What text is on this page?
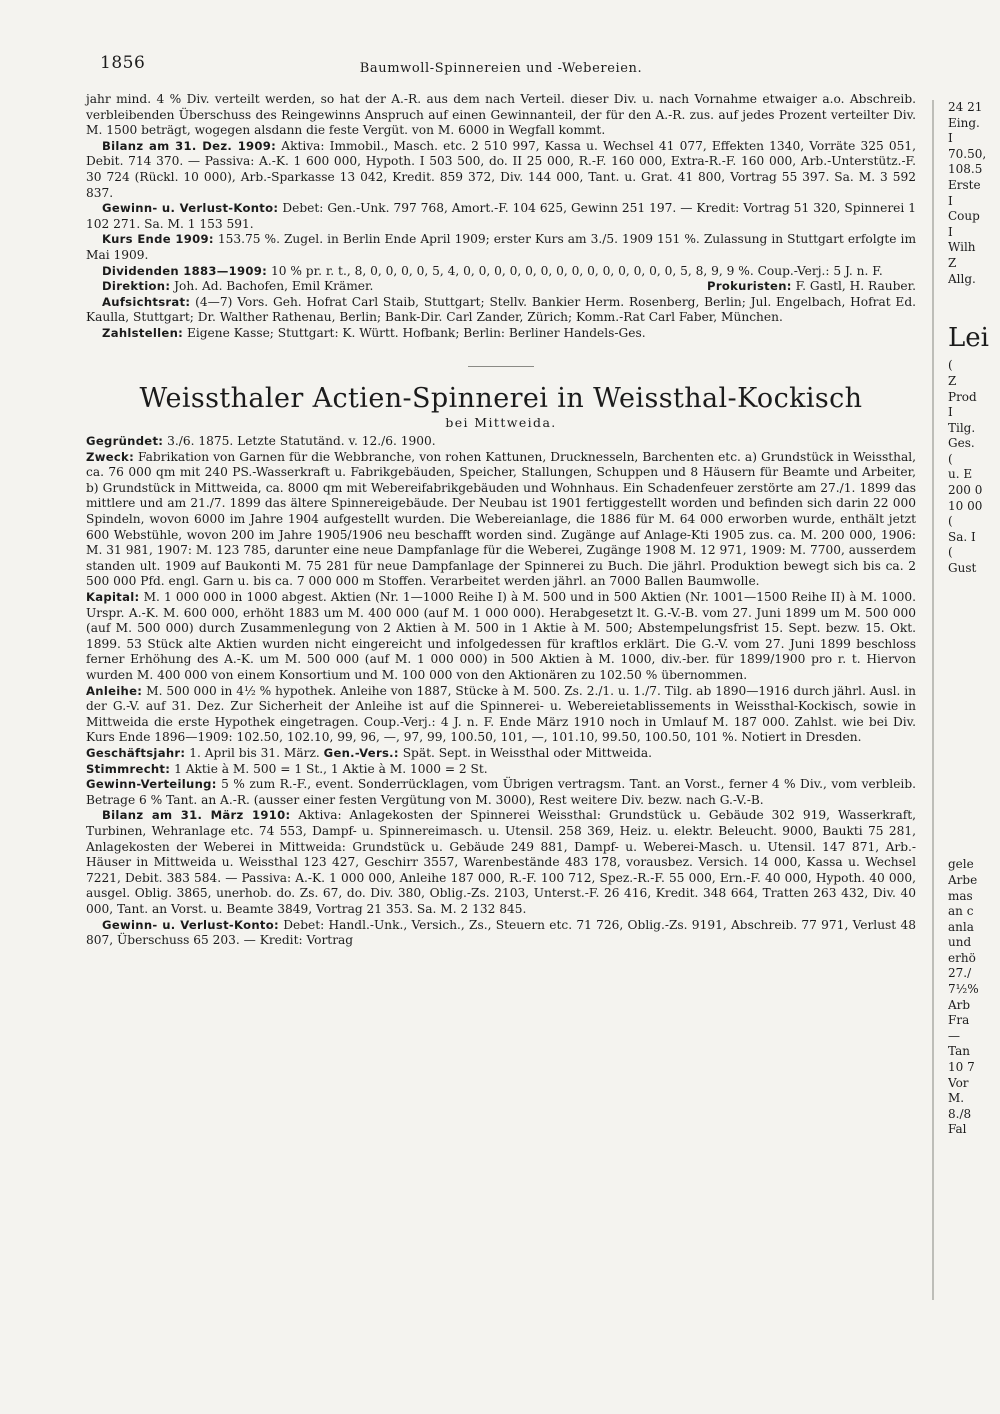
1856	Baumwoll-Spinnereien und -Webereien.

jahr mind. 4 % Div. verteilt werden, so hat der A.-R. aus dem nach Verteil. dieser Div. u. nach Vornahme etwaiger a.o. Abschreib. verbleibenden Überschuss des Reingewinns Anspruch auf einen Gewinnanteil, der für den A.-R. zus. auf jedes Prozent verteilter Div. M. 1500 beträgt, wogegen alsdann die feste Vergüt. von M. 6000 in Wegfall kommt.

Bilanz am 31. Dez. 1909: Aktiva: Immobil., Masch. etc. 2 510 997, Kassa u. Wechsel 41 077, Effekten 1340, Vorräte 325 051, Debit. 714 370. — Passiva: A.-K. 1 600 000, Hypoth. I 503 500, do. II 25 000, R.-F. 160 000, Extra-R.-F. 160 000, Arb.-Unterstütz.-F. 30 724 (Rückl. 10 000), Arb.-Sparkasse 13 042, Kredit. 859 372, Div. 144 000, Tant. u. Grat. 41 800, Vortrag 55 397. Sa. M. 3 592 837.

Gewinn- u. Verlust-Konto: Debet: Gen.-Unk. 797 768, Amort.-F. 104 625, Gewinn 251 197. — Kredit: Vortrag 51 320, Spinnerei 1 102 271. Sa. M. 1 153 591.

Kurs Ende 1909: 153.75 %. Zugel. in Berlin Ende April 1909; erster Kurs am 3./5. 1909 151 %. Zulassung in Stuttgart erfolgte im Mai 1909.

Dividenden 1883—1909: 10 % pr. r. t., 8, 0, 0, 0, 0, 5, 4, 0, 0, 0, 0, 0, 0, 0, 0, 0, 0, 0, 0, 0, 0, 5, 8, 9, 9 %. Coup.-Verj.: 5 J. n. F.

Direktion: Joh. Ad. Bachofen, Emil Krämer.	Prokuristen: F. Gastl, H. Rauber.

Aufsichtsrat: (4—7) Vors. Geh. Hofrat Carl Staib, Stuttgart; Stellv. Bankier Herm. Rosenberg, Berlin; Jul. Engelbach, Hofrat Ed. Kaulla, Stuttgart; Dr. Walther Rathenau, Berlin; Bank-Dir. Carl Zander, Zürich; Komm.-Rat Carl Faber, München.

Zahlstellen: Eigene Kasse; Stuttgart: K. Württ. Hofbank; Berlin: Berliner Handels-Ges.

Weissthaler Actien-Spinnerei in Weissthal-Kockisch
bei Mittweida.

Gegründet: 3./6. 1875. Letzte Statutänd. v. 12./6. 1900.

Zweck: Fabrikation von Garnen für die Webbranche, von rohen Kattunen, Drucknesseln, Barchenten etc. a) Grundstück in Weissthal, ca. 76 000 qm mit 240 PS.-Wasserkraft u. Fabrikgebäuden, Speicher, Stallungen, Schuppen und 8 Häusern für Beamte und Arbeiter, b) Grundstück in Mittweida, ca. 8000 qm mit Webereifabrikgebäuden und Wohnhaus. Ein Schadenfeuer zerstörte am 27./1. 1899 das mittlere und am 21./7. 1899 das ältere Spinnereigebäude. Der Neubau ist 1901 fertiggestellt worden und befinden sich darin 22 000 Spindeln, wovon 6000 im Jahre 1904 aufgestellt wurden. Die Webereianlage, die 1886 für M. 64 000 erworben wurde, enthält jetzt 600 Webstühle, wovon 200 im Jahre 1905/1906 neu beschafft worden sind. Zugänge auf Anlage-Kti 1905 zus. ca. M. 200 000, 1906: M. 31 981, 1907: M. 123 785, darunter eine neue Dampfanlage für die Weberei, Zugänge 1908 M. 12 971, 1909: M. 7700, ausserdem standen ult. 1909 auf Baukonti M. 75 281 für neue Dampfanlage der Spinnerei zu Buch. Die jährl. Produktion bewegt sich bis ca. 2 500 000 Pfd. engl. Garn u. bis ca. 7 000 000 m Stoffen. Verarbeitet werden jährl. an 7000 Ballen Baumwolle.

Kapital: M. 1 000 000 in 1000 abgest. Aktien (Nr. 1—1000 Reihe I) à M. 500 und in 500 Aktien (Nr. 1001—1500 Reihe II) à M. 1000. Urspr. A.-K. M. 600 000, erhöht 1883 um M. 400 000 (auf M. 1 000 000). Herabgesetzt lt. G.-V.-B. vom 27. Juni 1899 um M. 500 000 (auf M. 500 000) durch Zusammenlegung von 2 Aktien à M. 500 in 1 Aktie à M. 500; Abstempelungsfrist 15. Sept. bezw. 15. Okt. 1899. 53 Stück alte Aktien wurden nicht eingereicht und infolgedessen für kraftlos erklärt. Die G.-V. vom 27. Juni 1899 beschloss ferner Erhöhung des A.-K. um M. 500 000 (auf M. 1 000 000) in 500 Aktien à M. 1000, div.-ber. für 1899/1900 pro r. t. Hiervon wurden M. 400 000 von einem Konsortium und M. 100 000 von den Aktionären zu 102.50 % übernommen.

Anleihe: M. 500 000 in 4½ % hypothek. Anleihe von 1887, Stücke à M. 500. Zs. 2./1. u. 1./7. Tilg. ab 1890—1916 durch jährl. Ausl. in der G.-V. auf 31. Dez. Zur Sicherheit der Anleihe ist auf die Spinnerei- u. Webereietablissements in Weissthal-Kockisch, sowie in Mittweida die erste Hypothek eingetragen. Coup.-Verj.: 4 J. n. F. Ende März 1910 noch in Umlauf M. 187 000. Zahlst. wie bei Div. Kurs Ende 1896—1909: 102.50, 102.10, 99, 96, —, 97, 99, 100.50, 101, —, 101.10, 99.50, 100.50, 101 %. Notiert in Dresden.

Geschäftsjahr: 1. April bis 31. März. Gen.-Vers.: Spät. Sept. in Weissthal oder Mittweida.

Stimmrecht: 1 Aktie à M. 500 = 1 St., 1 Aktie à M. 1000 = 2 St.

Gewinn-Verteilung: 5 % zum R.-F., event. Sonderrücklagen, vom Übrigen vertragsm. Tant. an Vorst., ferner 4 % Div., vom verbleib. Betrage 6 % Tant. an A.-R. (ausser einer festen Vergütung von M. 3000), Rest weitere Div. bezw. nach G.-V.-B.

Bilanz am 31. März 1910: Aktiva: Anlagekosten der Spinnerei Weissthal: Grundstück u. Gebäude 302 919, Wasserkraft, Turbinen, Wehranlage etc. 74 553, Dampf- u. Spinnereimasch. u. Utensil. 258 369, Heiz. u. elektr. Beleucht. 9000, Baukti 75 281, Anlagekosten der Weberei in Mittweida: Grundstück u. Gebäude 249 881, Dampf- u. Weberei-Masch. u. Utensil. 147 871, Arb.-Häuser in Mittweida u. Weissthal 123 427, Geschirr 3557, Warenbestände 483 178, vorausbez. Versich. 14 000, Kassa u. Wechsel 7221, Debit. 383 584. — Passiva: A.-K. 1 000 000, Anleihe 187 000, R.-F. 100 712, Spez.-R.-F. 55 000, Ern.-F. 40 000, Hypoth. 40 000, ausgel. Oblig. 3865, unerhob. do. Zs. 67, do. Div. 380, Oblig.-Zs. 2103, Unterst.-F. 26 416, Kredit. 348 664, Tratten 263 432, Div. 40 000, Tant. an Vorst. u. Beamte 3849, Vortrag 21 353. Sa. M. 2 132 845.

Gewinn- u. Verlust-Konto: Debet: Handl.-Unk., Versich., Zs., Steuern etc. 71 726, Oblig.-Zs. 9191, Abschreib. 77 971, Verlust 48 807, Überschuss 65 203. — Kredit: Vortrag

24 21
Eing.
I
70.50,
108.5
Erste
I
Coup
I
Wilh
Z
Allg.
Lei
(
Z
Prod
I
Tilg.
Ges.
(
u. E
200 0
10 00
(
Sa. I
(
Gust
gele
Arbe
mas
an c
anla
und
erhö
27./
7½%
Arb
Fra
—
Tan
10 7
Vor
M.
8./8
Fal
